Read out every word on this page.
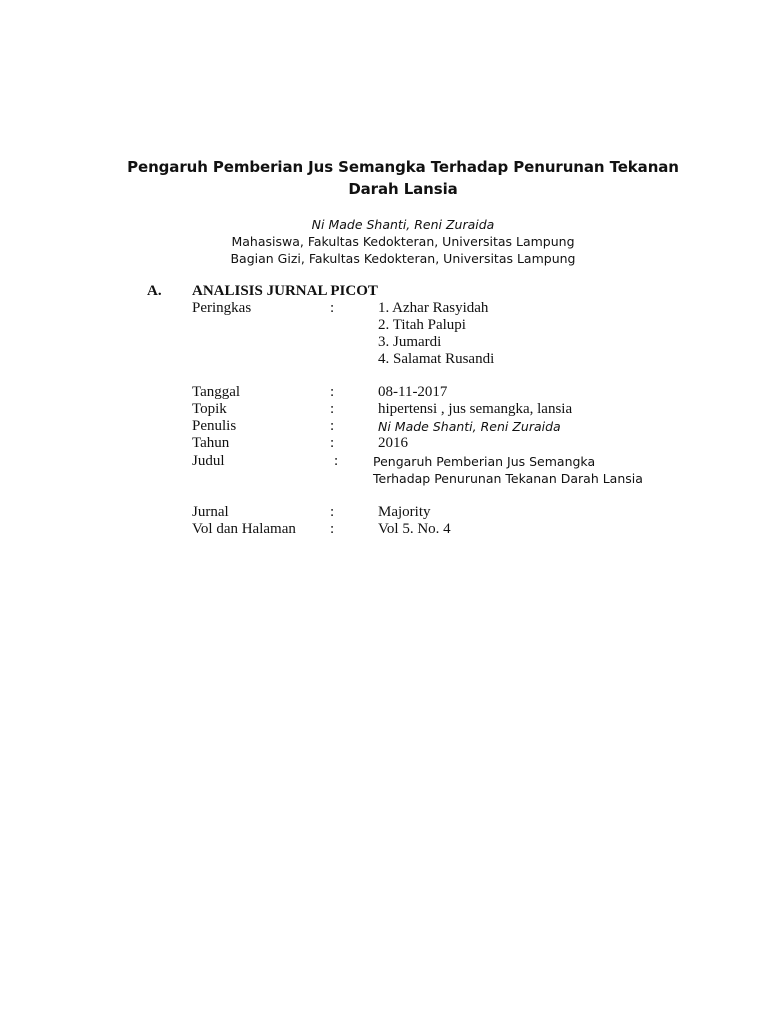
Pengaruh Pemberian Jus Semangka Terhadap Penurunan Tekanan
Darah Lansia
Ni Made Shanti, Reni Zuraida
Mahasiswa, Fakultas Kedokteran, Universitas Lampung
Bagian Gizi, Fakultas Kedokteran, Universitas Lampung
A. ANALISIS JURNAL PICOT
Peringkas	:	1. Azhar Rasyidah
2. Titah Palupi
3. Jumardi
4. Salamat Rusandi
Tanggal	:	08-11-2017
Topik	:	hipertensi , jus semangka, lansia
Penulis	:	Ni Made Shanti, Reni Zuraida
Tahun	:	2016
Judul	:	Pengaruh Pemberian Jus Semangka
Terhadap Penurunan Tekanan Darah Lansia
Jurnal	:	Majority
Vol dan Halaman :	Vol 5. No. 4
